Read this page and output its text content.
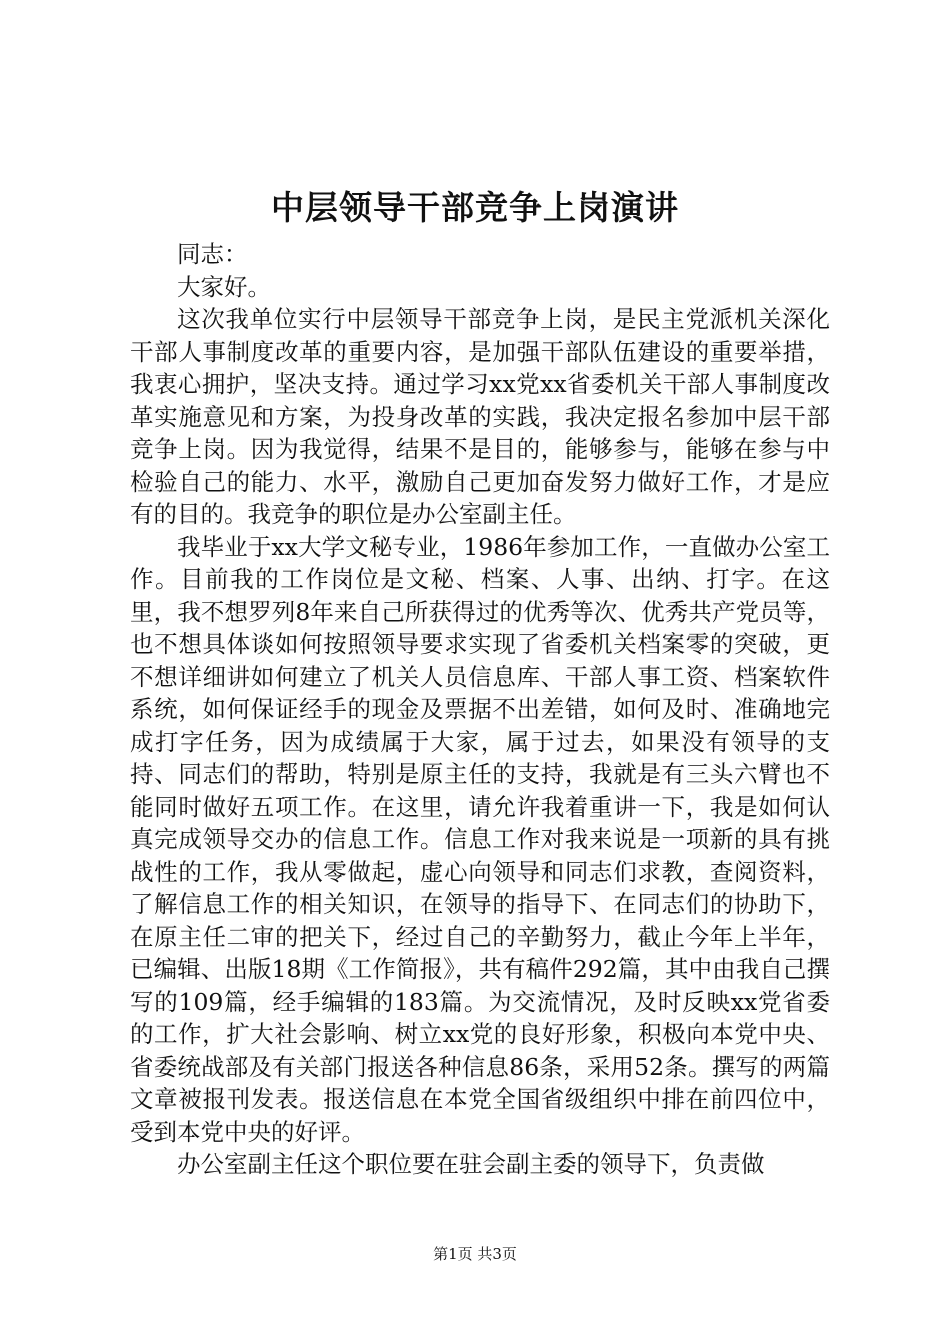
中层领导干部竞争上岗演讲

同志：

大家好。

这次我单位实行中层领导干部竞争上岗，是民主党派机关深化干部人事制度改革的重要内容，是加强干部队伍建设的重要举措，我衷心拥护，坚决支持。通过学习xx党xx省委机关干部人事制度改革实施意见和方案，为投身改革的实践，我决定报名参加中层干部竞争上岗。因为我觉得，结果不是目的，能够参与，能够在参与中检验自己的能力、水平，激励自己更加奋发努力做好工作，才是应有的目的。我竞争的职位是办公室副主任。

我毕业于xx大学文秘专业，1986年参加工作，一直做办公室工作。目前我的工作岗位是文秘、档案、人事、出纳、打字。在这里，我不想罗列8年来自己所获得过的优秀等次、优秀共产党员等，也不想具体谈如何按照领导要求实现了省委机关档案零的突破，更不想详细讲如何建立了机关人员信息库、干部人事工资、档案软件系统，如何保证经手的现金及票据不出差错，如何及时、准确地完成打字任务，因为成绩属于大家，属于过去，如果没有领导的支持、同志们的帮助，特别是原主任的支持，我就是有三头六臂也不能同时做好五项工作。在这里，请允许我着重讲一下，我是如何认真完成领导交办的信息工作。信息工作对我来说是一项新的具有挑战性的工作，我从零做起，虚心向领导和同志们求教，查阅资料，了解信息工作的相关知识，在领导的指导下、在同志们的协助下，在原主任二审的把关下，经过自己的辛勤努力，截止今年上半年，已编辑、出版18期《工作简报》，共有稿件292篇，其中由我自己撰写的109篇，经手编辑的183篇。为交流情况，及时反映xx党省委的工作，扩大社会影响、树立xx党的良好形象，积极向本党中央、省委统战部及有关部门报送各种信息86条，采用52条。撰写的两篇文章被报刊发表。报送信息在本党全国省级组织中排在前四位中，受到本党中央的好评。

办公室副主任这个职位要在驻会副主委的领导下，负责做

第1页 共3页
